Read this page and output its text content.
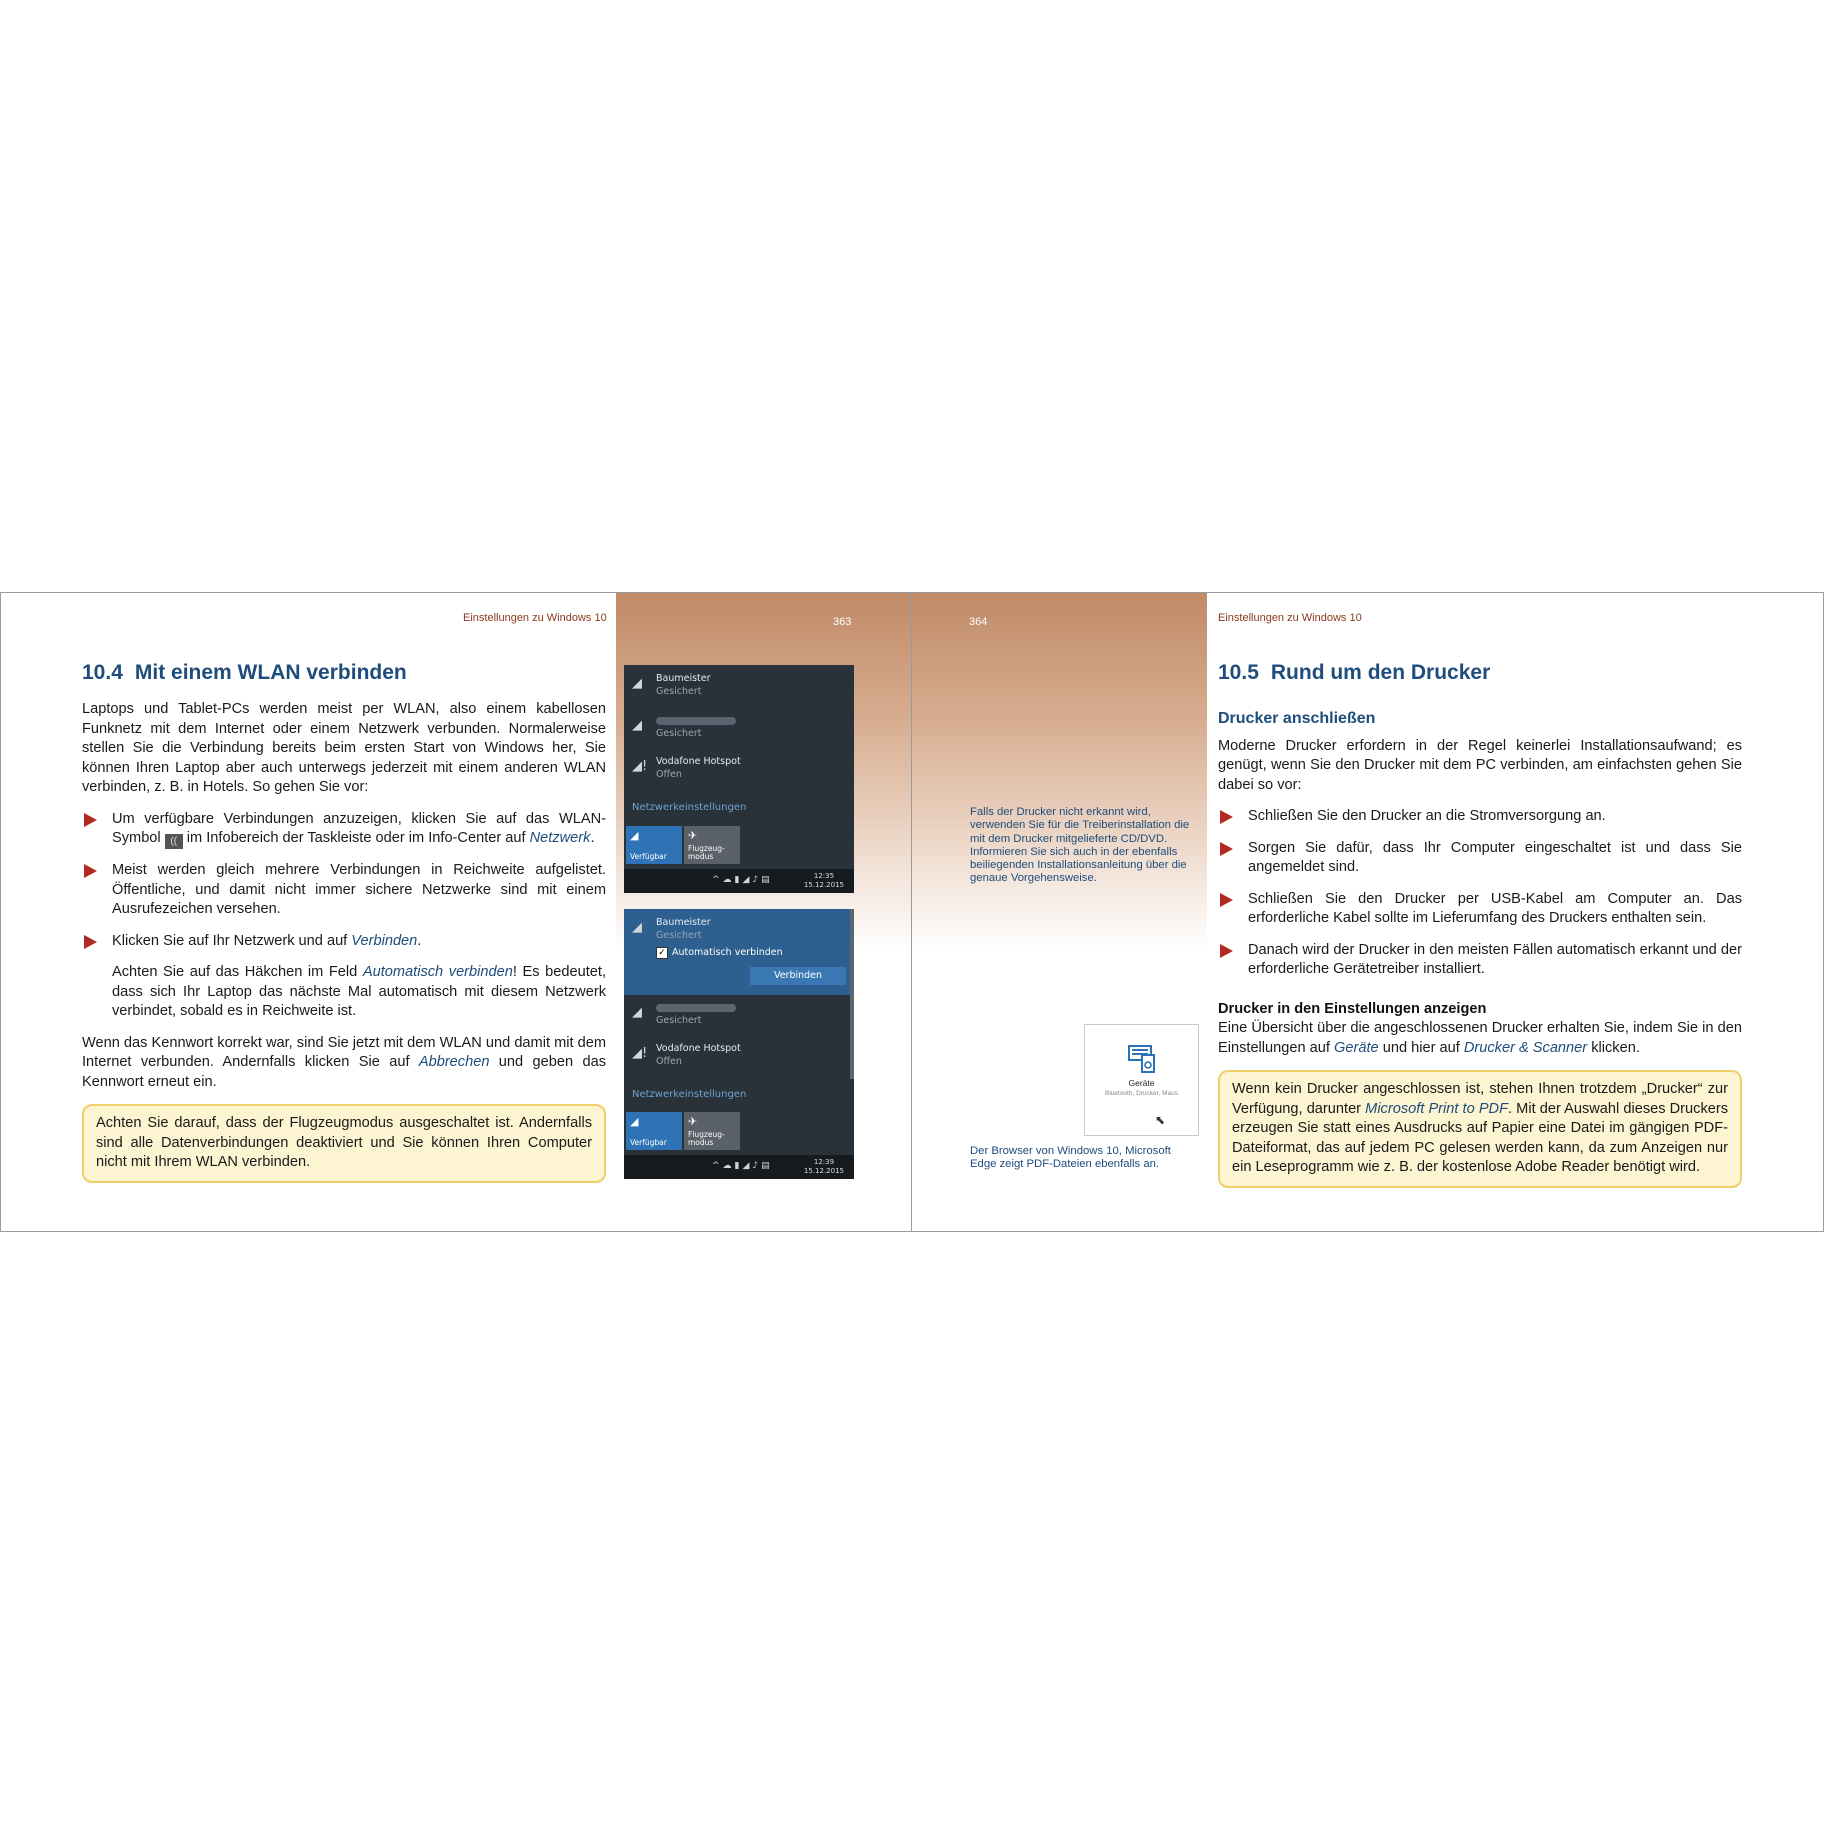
Einstellungen zu Windows 10	363
10.4 Mit einem WLAN verbinden

Laptops und Tablet-PCs werden meist per WLAN, also einem kabellosen Funknetz mit dem Internet oder einem Netzwerk verbunden. Normalerweise stellen Sie die Verbindung bereits beim ersten Start von Windows her, Sie können Ihren Laptop aber auch unterwegs jederzeit mit einem anderen WLAN verbinden, z. B. in Hotels. So gehen Sie vor:

Um verfügbare Verbindungen anzuzeigen, klicken Sie auf das WLAN-Symbol (( im Infobereich der Taskleiste oder im Info-Center auf Netzwerk.
Meist werden gleich mehrere Verbindungen in Reichweite aufgelistet. Öffentliche, und damit nicht immer sichere Netzwerke sind mit einem Ausrufezeichen versehen.
Klicken Sie auf Ihr Netzwerk und auf Verbinden.

Achten Sie auf das Häkchen im Feld Automatisch verbinden! Es bedeutet, dass sich Ihr Laptop das nächste Mal automatisch mit diesem Netzwerk verbindet, sobald es in Reichweite ist.

Wenn das Kennwort korrekt war, sind Sie jetzt mit dem WLAN und damit mit dem Internet verbunden. Andernfalls klicken Sie auf Abbrechen und geben das Kennwort erneut ein.

Achten Sie darauf, dass der Flugzeugmodus ausgeschaltet ist. Andernfalls sind alle Datenverbindungen deaktiviert und Sie können Ihren Computer nicht mit Ihrem WLAN verbinden.
◢ Baumeister
Gesichert
◢
Gesichert
◢! Vodafone Hotspot
Offen
Netzwerkeinstellungen
◢
Verfügbar
✈
Flugzeug-
modus
^☁▮◢♪▤	12:35
15.12.2015
◢ Baumeister
Gesichert
✓ Automatisch verbinden
Verbinden
◢
Gesichert
◢! Vodafone Hotspot
Offen
Netzwerkeinstellungen
◢
Verfügbar
✈
Flugzeug-
modus
^☁▮◢♪▤	12:39
15.12.2015
364	Einstellungen zu Windows 10
Falls der Drucker nicht erkannt wird, verwenden Sie für die Treiberinstallation die mit dem Drucker mitgelieferte CD/DVD. Informieren Sie sich auch in der ebenfalls beiliegenden Installationsanleitung über die genaue Vorgehensweise.
Geräte
Bluetooth, Drucker, Maus
⬉
Der Browser von Windows 10, Microsoft Edge zeigt PDF-Dateien ebenfalls an.
10.5 Rund um den Drucker
Drucker anschließen

Moderne Drucker erfordern in der Regel keinerlei Installationsaufwand; es genügt, wenn Sie den Drucker mit dem PC verbinden, am einfachsten gehen Sie dabei so vor:

Schließen Sie den Drucker an die Stromversorgung an.
Sorgen Sie dafür, dass Ihr Computer eingeschaltet ist und dass Sie angemeldet sind.
Schließen Sie den Drucker per USB-Kabel am Computer an. Das erforderliche Kabel sollte im Lieferumfang des Druckers enthalten sein.
Danach wird der Drucker in den meisten Fällen automatisch erkannt und der erforderliche Gerätetreiber installiert.
Drucker in den Einstellungen anzeigen

Eine Übersicht über die angeschlossenen Drucker erhalten Sie, indem Sie in den Einstellungen auf Geräte und hier auf Drucker & Scanner klicken.

Wenn kein Drucker angeschlossen ist, stehen Ihnen trotzdem „Drucker“ zur Verfügung, darunter Microsoft Print to PDF. Mit der Auswahl dieses Druckers erzeugen Sie statt eines Ausdrucks auf Papier eine Datei im gängigen PDF-Dateiformat, das auf jedem PC gelesen werden kann, da zum Anzeigen nur ein Leseprogramm wie z. B. der kostenlose Adobe Reader benötigt wird.
